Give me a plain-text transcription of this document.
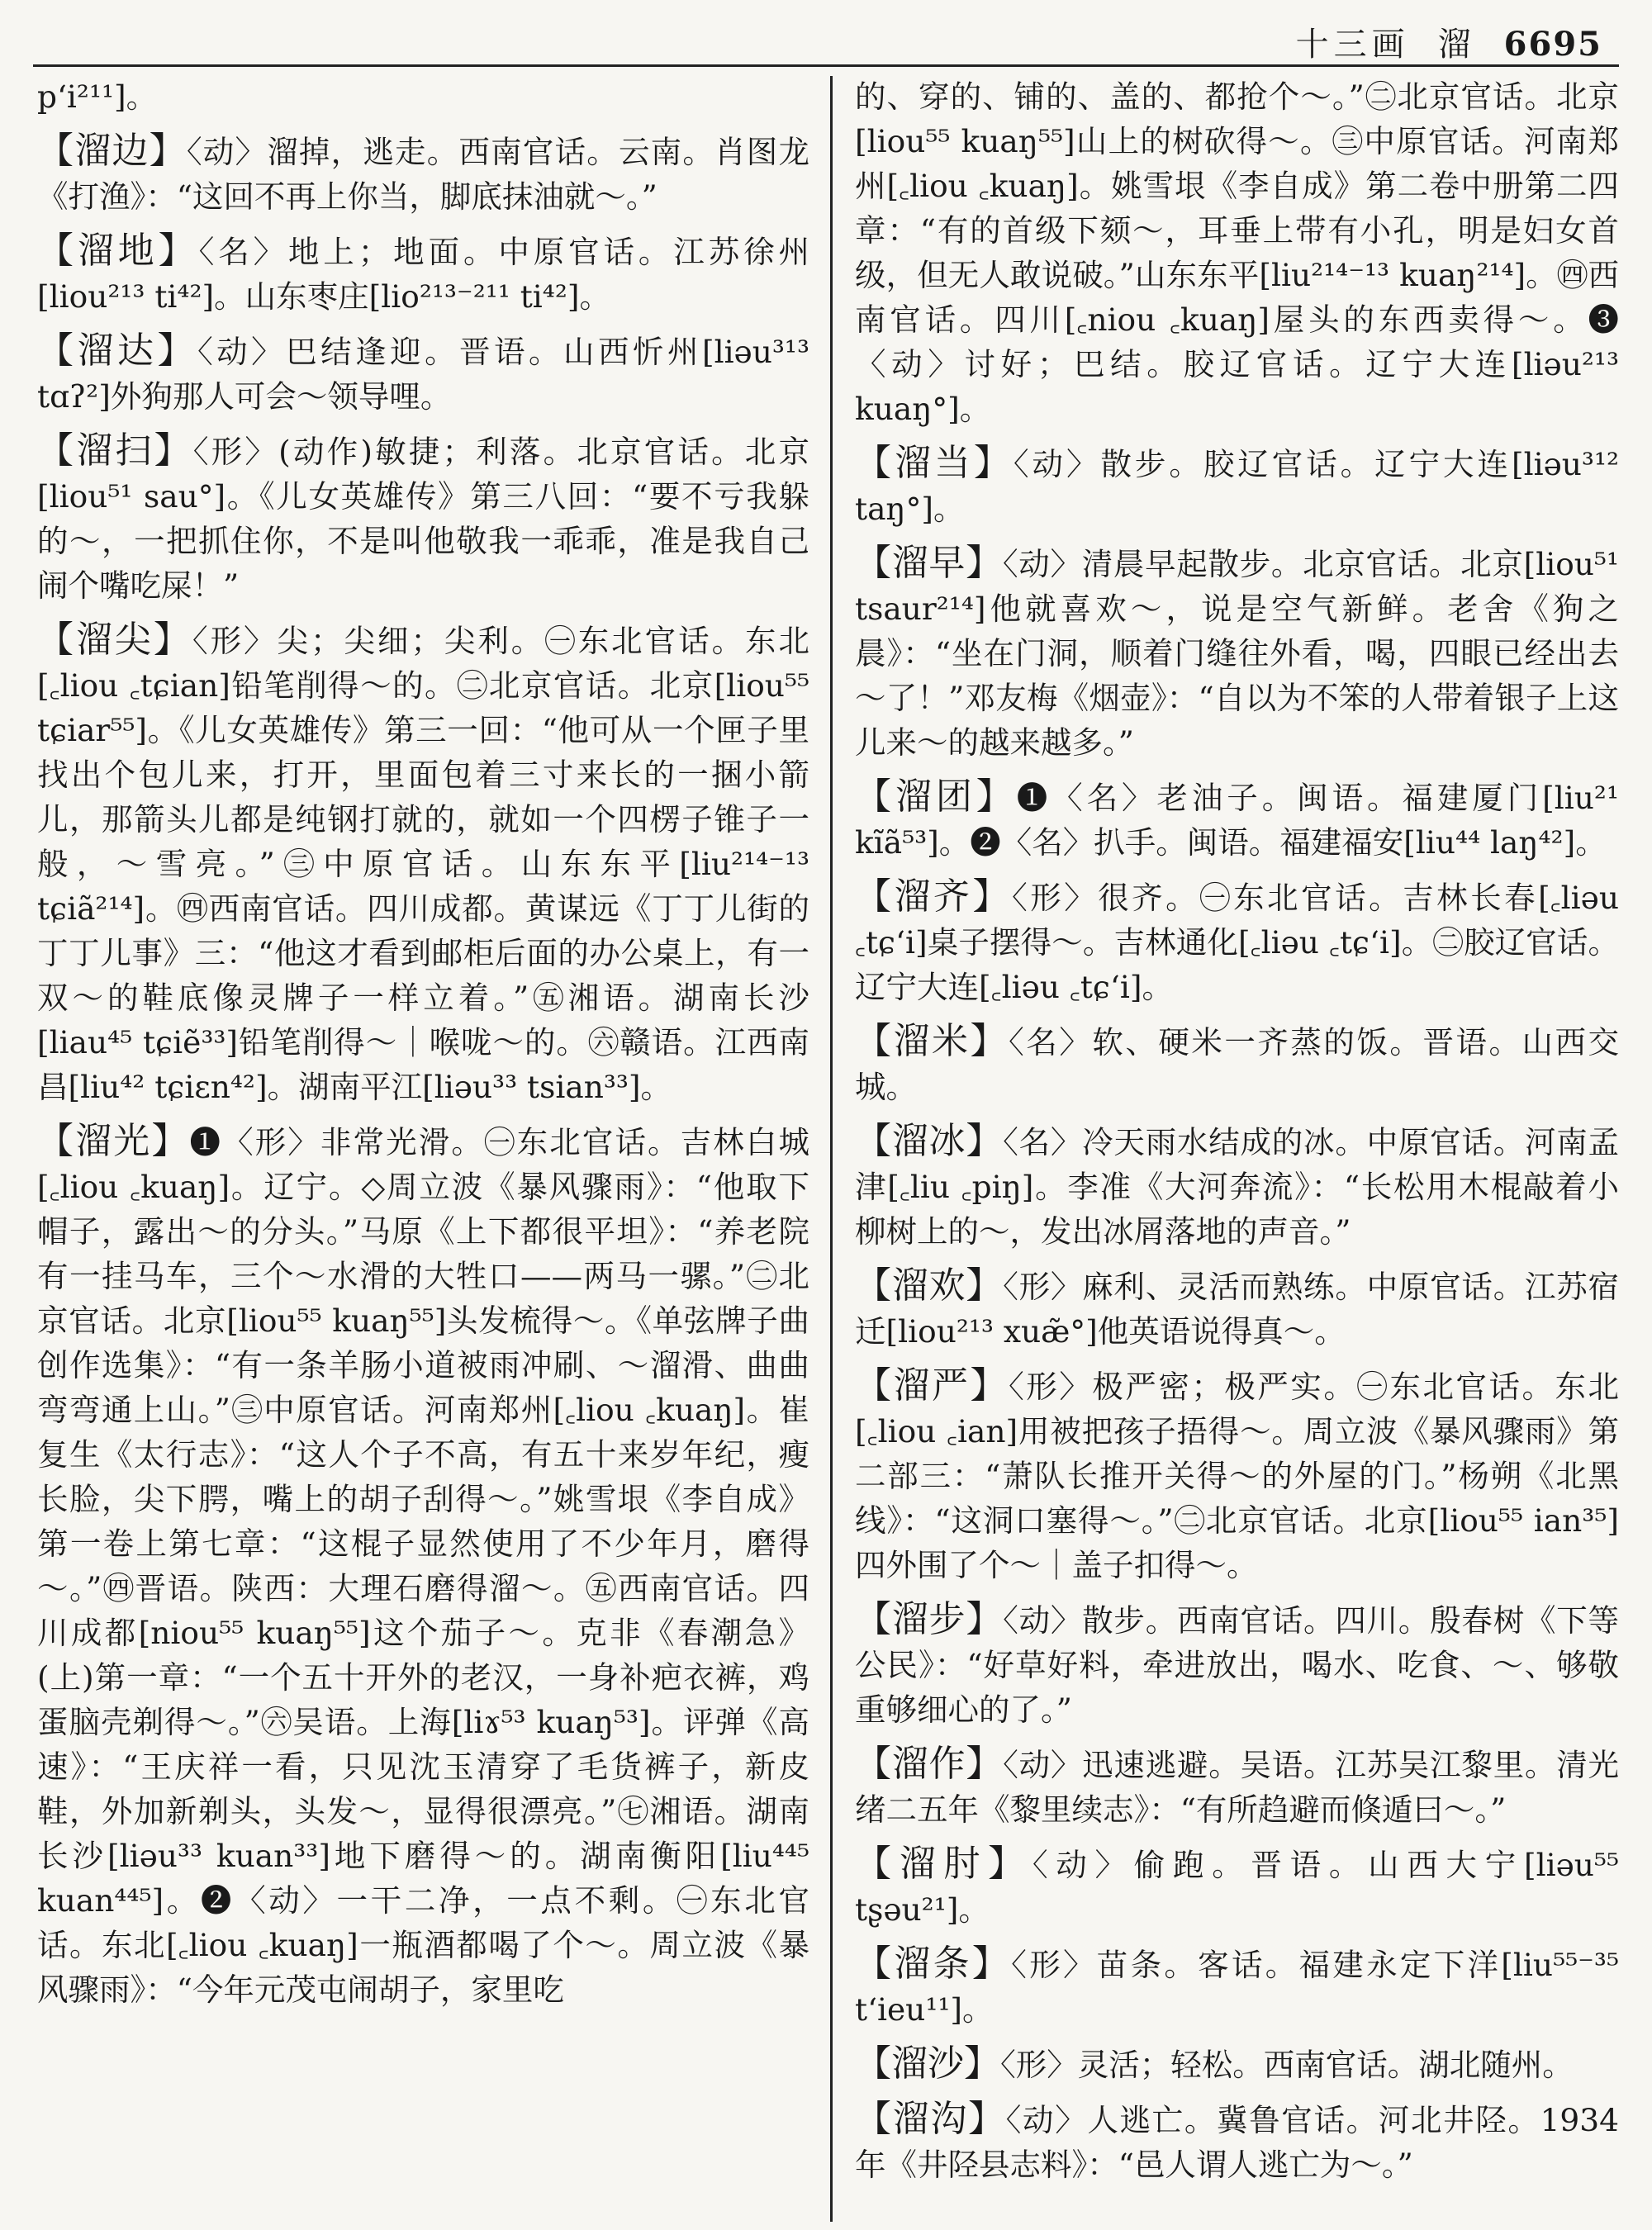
十三画 溜 6695

p‘i²¹¹]。

【溜边】〈动〉溜掉，逃走。西南官话。云南。肖图龙《打渔》：“这回不再上你当，脚底抹油就～。”

【溜地】〈名〉地上；地面。中原官话。江苏徐州[liou²¹³ ti⁴²]。山东枣庄[lio²¹³⁻²¹¹ ti⁴²]。

【溜达】〈动〉巴结逢迎。晋语。山西忻州[liəu³¹³ tɑʔ²]外狗那人可会～领导哩。

【溜扫】〈形〉(动作)敏捷；利落。北京官话。北京[liou⁵¹ sau°]。《儿女英雄传》第三八回：“要不亏我躲的～，一把抓住你，不是叫他敬我一乖乖，准是我自己闹个嘴吃屎！”

【溜尖】〈形〉尖；尖细；尖利。㊀东北官话。东北[꜀liou ꜀tɕian]铅笔削得～的。㊁北京官话。北京[liou⁵⁵ tɕiar⁵⁵]。《儿女英雄传》第三一回：“他可从一个匣子里找出个包儿来，打开，里面包着三寸来长的一捆小箭儿，那箭头儿都是纯钢打就的，就如一个四楞子锥子一般，～雪亮。”㊂中原官话。山东东平[liu²¹⁴⁻¹³ tɕiã²¹⁴]。㊃西南官话。四川成都。黄谋远《丁丁儿街的丁丁儿事》三：“他这才看到邮柜后面的办公桌上，有一双～的鞋底像灵牌子一样立着。”㊄湘语。湖南长沙[liau⁴⁵ tɕiẽ³³]铅笔削得～｜喉咙～的。㊅赣语。江西南昌[liu⁴² tɕiɛn⁴²]。湖南平江[liəu³³ tsian³³]。

【溜光】❶〈形〉非常光滑。㊀东北官话。吉林白城[꜀liou ꜀kuaŋ]。辽宁。◇周立波《暴风骤雨》：“他取下帽子，露出～的分头。”马原《上下都很平坦》：“养老院有一挂马车，三个～水滑的大牲口——两马一骡。”㊁北京官话。北京[liou⁵⁵ kuaŋ⁵⁵]头发梳得～。《单弦牌子曲创作选集》：“有一条羊肠小道被雨冲刷、～溜滑、曲曲弯弯通上山。”㊂中原官话。河南郑州[꜀liou ꜀kuaŋ]。崔复生《太行志》：“这人个子不高，有五十来岁年纪，瘦长脸，尖下腭，嘴上的胡子刮得～。”姚雪垠《李自成》第一卷上第七章：“这棍子显然使用了不少年月，磨得～。”㊃晋语。陕西：大理石磨得溜～。㊄西南官话。四川成都[niou⁵⁵ kuaŋ⁵⁵]这个茄子～。克非《春潮急》(上)第一章：“一个五十开外的老汉，一身补疤衣裤，鸡蛋脑壳剃得～。”㊅吴语。上海[liɤ⁵³ kuaŋ⁵³]。评弹《高速》：“王庆祥一看，只见沈玉清穿了毛货裤子，新皮鞋，外加新剃头，头发～，显得很漂亮。”㊆湘语。湖南长沙[liəu³³ kuan³³]地下磨得～的。湖南衡阳[liu⁴⁴⁵ kuan⁴⁴⁵]。❷〈动〉一干二净，一点不剩。㊀东北官话。东北[꜀liou ꜀kuaŋ]一瓶酒都喝了个～。周立波《暴风骤雨》：“今年元茂屯闹胡子，家里吃

的、穿的、铺的、盖的、都抢个～。”㊁北京官话。北京[liou⁵⁵ kuaŋ⁵⁵]山上的树砍得～。㊂中原官话。河南郑州[꜀liou ꜀kuaŋ]。姚雪垠《李自成》第二卷中册第二四章：“有的首级下颏～，耳垂上带有小孔，明是妇女首级，但无人敢说破。”山东东平[liu²¹⁴⁻¹³ kuaŋ²¹⁴]。㊃西南官话。四川[꜀niou ꜀kuaŋ]屋头的东西卖得～。❸〈动〉讨好；巴结。胶辽官话。辽宁大连[liəu²¹³ kuaŋ°]。

【溜当】〈动〉散步。胶辽官话。辽宁大连[liəu³¹² taŋ°]。

【溜早】〈动〉清晨早起散步。北京官话。北京[liou⁵¹ tsaur²¹⁴]他就喜欢～，说是空气新鲜。老舍《狗之晨》：“坐在门洞，顺着门缝往外看，喝，四眼已经出去～了！”邓友梅《烟壶》：“自以为不笨的人带着银子上这儿来～的越来越多。”

【溜团】❶〈名〉老油子。闽语。福建厦门[liu²¹ kĩã⁵³]。❷〈名〉扒手。闽语。福建福安[liu⁴⁴ laŋ⁴²]。

【溜齐】〈形〉很齐。㊀东北官话。吉林长春[꜀liəu ꜀tɕ‘i]桌子摆得～。吉林通化[꜀liəu ꜀tɕ‘i]。㊁胶辽官话。辽宁大连[꜀liəu ꜀tɕ‘i]。

【溜米】〈名〉软、硬米一齐蒸的饭。晋语。山西交城。

【溜冰】〈名〉冷天雨水结成的冰。中原官话。河南孟津[꜀liu ꜀piŋ]。李准《大河奔流》：“长松用木棍敲着小柳树上的～，发出冰屑落地的声音。”

【溜欢】〈形〉麻利、灵活而熟练。中原官话。江苏宿迁[liou²¹³ xuæ̃°]他英语说得真～。

【溜严】〈形〉极严密；极严实。㊀东北官话。东北[꜀liou ꜀ian]用被把孩子捂得～。周立波《暴风骤雨》第二部三：“萧队长推开关得～的外屋的门。”杨朔《北黑线》：“这洞口塞得～。”㊁北京官话。北京[liou⁵⁵ ian³⁵]四外围了个～｜盖子扣得～。

【溜步】〈动〉散步。西南官话。四川。殷春树《下等公民》：“好草好料，牵进放出，喝水、吃食、～、够敬重够细心的了。”

【溜作】〈动〉迅速逃避。吴语。江苏吴江黎里。清光绪二五年《黎里续志》：“有所趋避而倏遁曰～。”

【溜肘】〈动〉偷跑。晋语。山西大宁[liəu⁵⁵ tʂəu²¹]。

【溜条】〈形〉苗条。客话。福建永定下洋[liu⁵⁵⁻³⁵ t‘ieu¹¹]。

【溜沙】〈形〉灵活；轻松。西南官话。湖北随州。

【溜沟】〈动〉人逃亡。冀鲁官话。河北井陉。1934年《井陉县志料》：“邑人谓人逃亡为～。”
